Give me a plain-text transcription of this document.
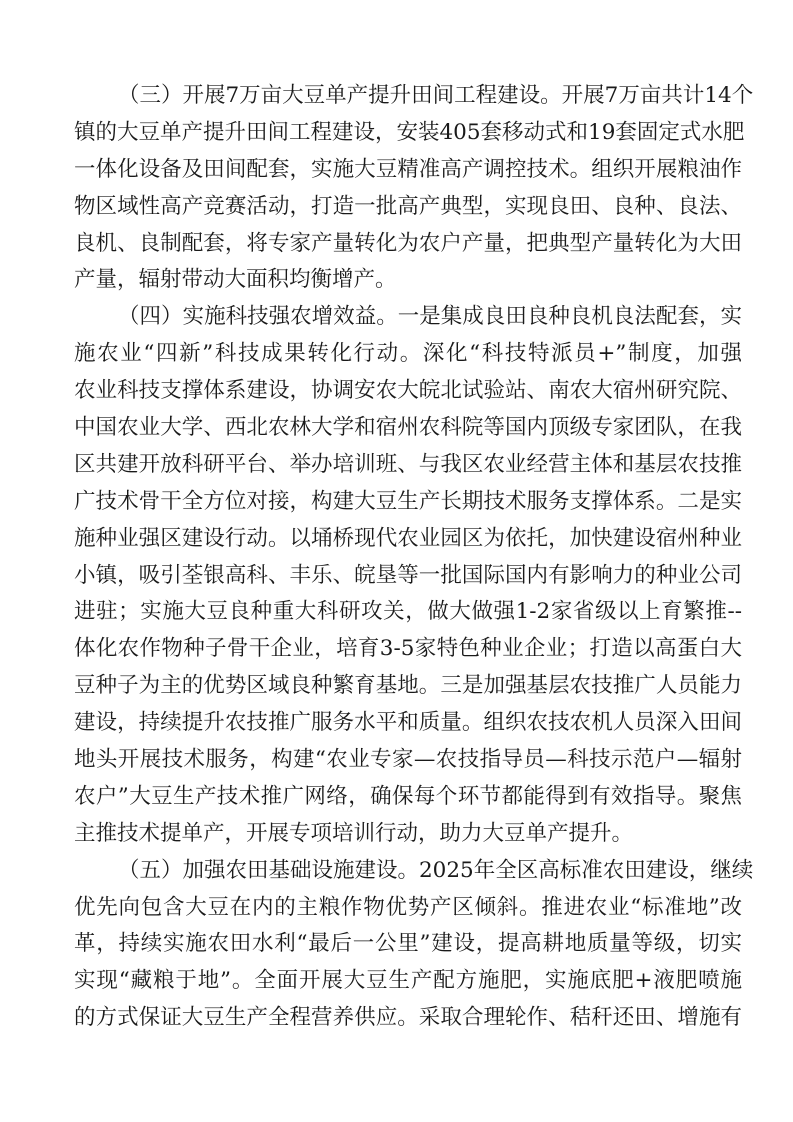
（三）开展7万亩大豆单产提升田间工程建设。开展7万亩共计14个
镇的大豆单产提升田间工程建设，安装405套移动式和19套固定式水肥
一体化设备及田间配套，实施大豆精准高产调控技术。组织开展粮油作
物区域性高产竞赛活动，打造一批高产典型，实现良田、良种、良法、
良机、良制配套，将专家产量转化为农户产量，把典型产量转化为大田
产量，辐射带动大面积均衡增产。
（四）实施科技强农增效益。一是集成良田良种良机良法配套，实
施农业“四新”科技成果转化行动。深化“科技特派员+”制度，加强
农业科技支撑体系建设，协调安农大皖北试验站、南农大宿州研究院、
中国农业大学、西北农林大学和宿州农科院等国内顶级专家团队，在我
区共建开放科研平台、举办培训班、与我区农业经营主体和基层农技推
广技术骨干全方位对接，构建大豆生产长期技术服务支撑体系。二是实
施种业强区建设行动。以埇桥现代农业园区为依托，加快建设宿州种业
小镇，吸引荃银高科、丰乐、皖垦等一批国际国内有影响力的种业公司
进驻；实施大豆良种重大科研攻关，做大做强1-2家省级以上育繁推--
体化农作物种子骨干企业，培育3-5家特色种业企业；打造以高蛋白大
豆种子为主的优势区域良种繁育基地。三是加强基层农技推广人员能力
建设，持续提升农技推广服务水平和质量。组织农技农机人员深入田间
地头开展技术服务，构建“农业专家—农技指导员—科技示范户—辐射
农户”大豆生产技术推广网络，确保每个环节都能得到有效指导。聚焦
主推技术提单产，开展专项培训行动，助力大豆单产提升。
（五）加强农田基础设施建设。2025年全区高标准农田建设，继续
优先向包含大豆在内的主粮作物优势产区倾斜。推进农业“标准地”改
革，持续实施农田水利“最后一公里”建设，提高耕地质量等级，切实
实现“藏粮于地”。全面开展大豆生产配方施肥，实施底肥+液肥喷施
的方式保证大豆生产全程营养供应。采取合理轮作、秸秆还田、增施有
